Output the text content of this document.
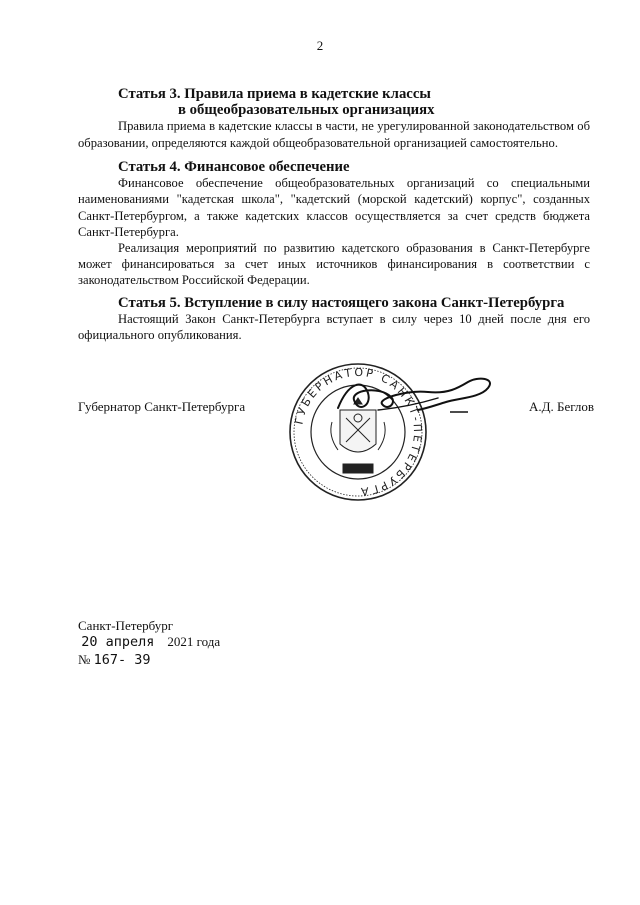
2
Статья 3. Правила приема в кадетские классы
в общеобразовательных организациях

Правила приема в кадетские классы в части, не урегулированной законодательством об образовании, определяются каждой общеобразовательной организацией самостоятельно.

Статья 4. Финансовое обеспечение

Финансовое обеспечение общеобразовательных организаций со специальными наименованиями "кадетская школа", "кадетский (морской кадетский) корпус", созданных Санкт-Петербургом, а также кадетских классов осуществляется за счет средств бюджета Санкт-Петербурга.

Реализация мероприятий по развитию кадетского образования в Санкт-Петербурге может финансироваться за счет иных источников финансирования в соответствии с законодательством Российской Федерации.

Статья 5. Вступление в силу настоящего закона Санкт-Петербурга

Настоящий Закон Санкт-Петербурга вступает в силу через 10 дней после дня его официального опубликования.

Губернатор Санкт-Петербурга
ГУБЕРНАТОР САНКТ-ПЕТЕРБУРГА
А.Д. Беглов
Санкт-Петербург
20 апреля 2021 года
№ 167- 39
